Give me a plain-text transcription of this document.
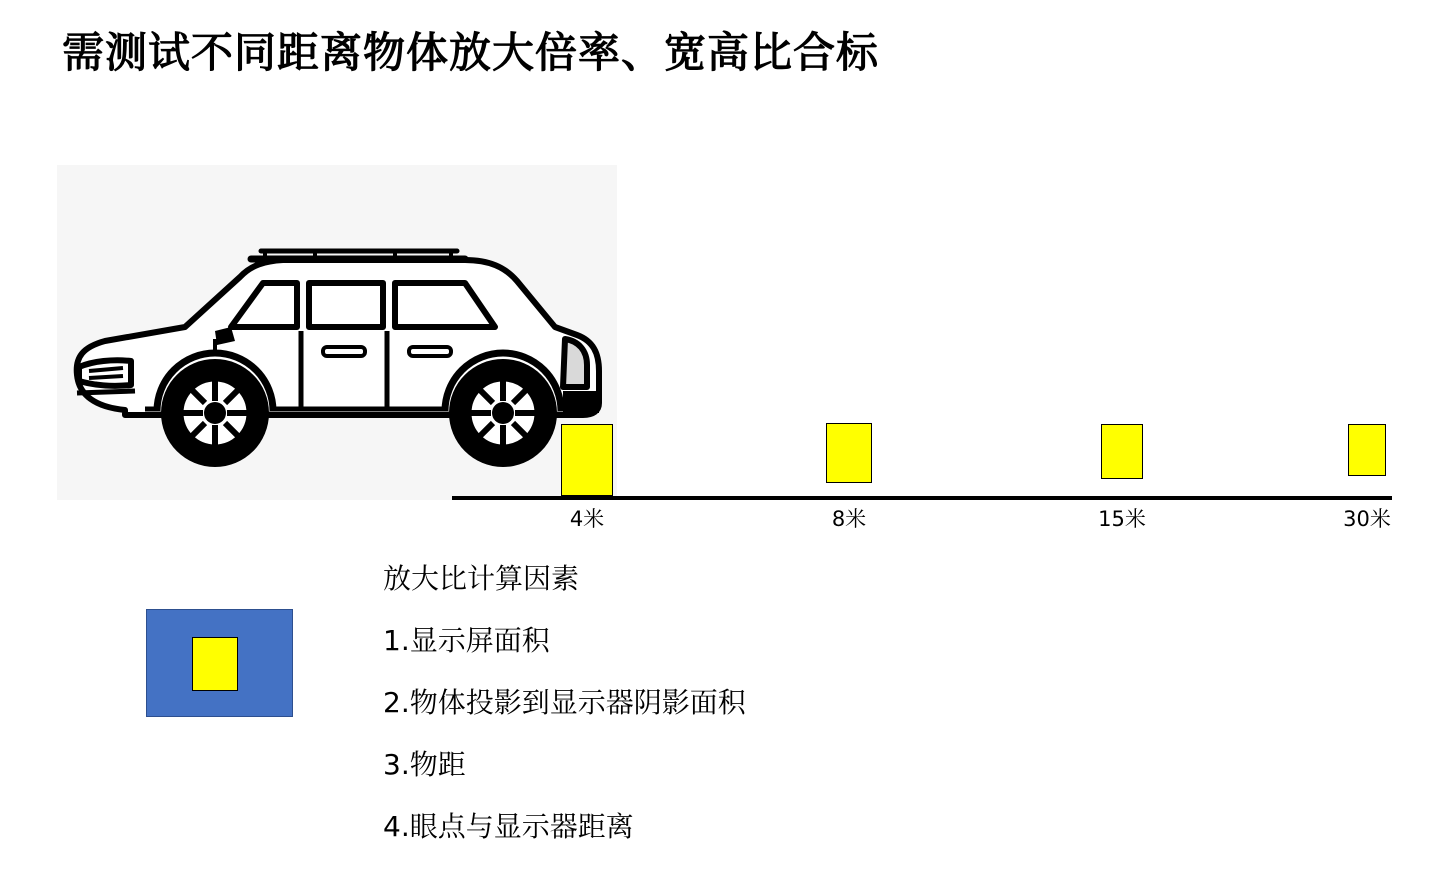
需测试不同距离物体放大倍率、宽高比合标
4米	8米	15米	30米
放大比计算因素
1.显示屏面积
2.物体投影到显示器阴影面积
3.物距
4.眼点与显示器距离
